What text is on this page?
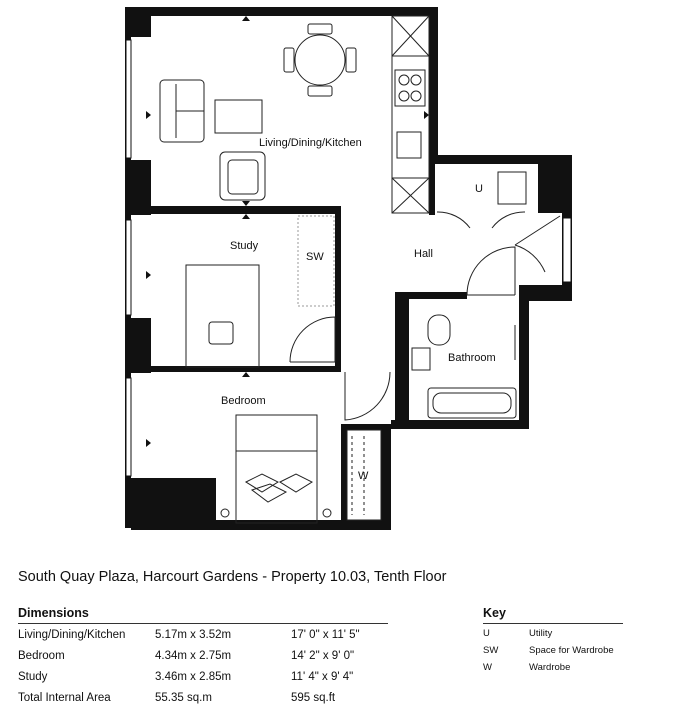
Living/Dining/Kitchen
Study
SW	Hall
U
Bathroom
Bedroom
W
South Quay Plaza, Harcourt Gardens - Property 10.03, Tenth Floor
Dimensions
Living/Dining/Kitchen	5.17m x 3.52m	17' 0" x 11' 5"
Bedroom	4.34m x 2.75m	14' 2" x 9' 0"
Study	3.46m x 2.85m	11' 4" x 9' 4"
Total Internal Area	55.35 sq.m	595 sq.ft
Key
U	Utility
SW	Space for Wardrobe
W	Wardrobe
